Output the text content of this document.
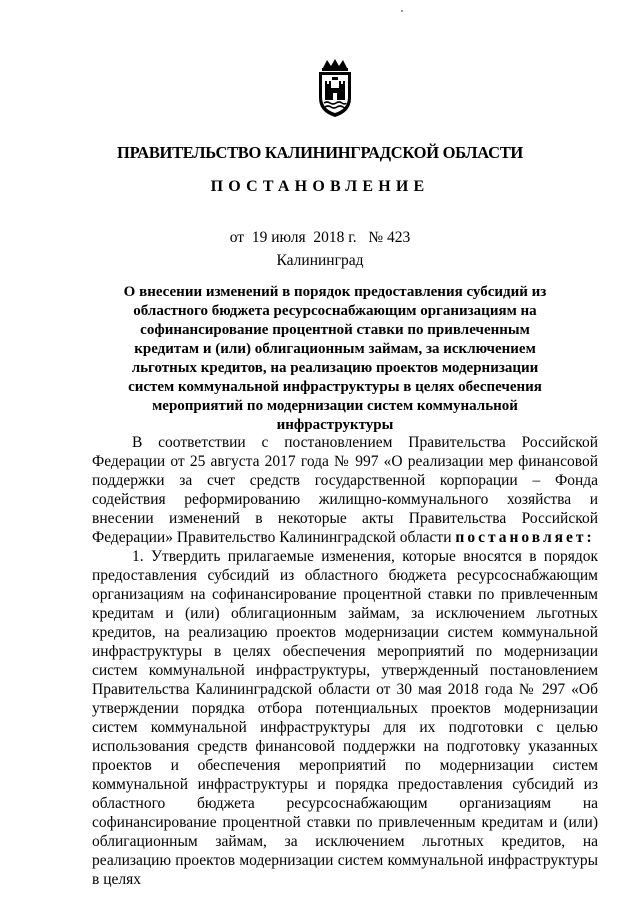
ПРАВИТЕЛЬСТВО КАЛИНИНГРАДСКОЙ ОБЛАСТИ
ПОСТАНОВЛЕНИЕ
от 19 июля  2018 г. № 423
Калининград
О внесении изменений в порядок предоставления субсидий из областного бюджета ресурсоснабжающим организациям на софинансирование процентной ставки по привлеченным кредитам и (или) облигационным займам, за исключением льготных кредитов, на реализацию проектов модернизации систем коммунальной инфраструктуры в целях обеспечения мероприятий по модернизации систем коммунальной инфраструктуры

В соответствии с постановлением Правительства Российской Федерации от 25 августа 2017 года № 997 «О реализации мер финансовой поддержки за счет средств государственной корпорации – Фонда содействия реформированию жилищно-коммунального хозяйства и внесении изменений в некоторые акты Правительства Российской Федерации» Правительство Калининградской области постановляет:

1. Утвердить прилагаемые изменения, которые вносятся в порядок предоставления субсидий из областного бюджета ресурсоснабжающим организациям на софинансирование процентной ставки по привлеченным кредитам и (или) облигационным займам, за исключением льготных кредитов, на реализацию проектов модернизации систем коммунальной инфраструктуры в целях обеспечения мероприятий по модернизации систем коммунальной инфраструктуры, утвержденный постановлением Правительства Калининградской области от 30 мая 2018 года № 297 «Об утверждении порядка отбора потенциальных проектов модернизации систем коммунальной инфраструктуры для их подготовки с целью использования средств финансовой поддержки на подготовку указанных проектов и обеспечения мероприятий по модернизации систем коммунальной инфраструктуры и порядка предоставления субсидий из областного бюджета ресурсоснабжающим организациям на софинансирование процентной ставки по привлеченным кредитам и (или) облигационным займам, за исключением льготных кредитов, на реализацию проектов модернизации систем коммунальной инфраструктуры в целях
